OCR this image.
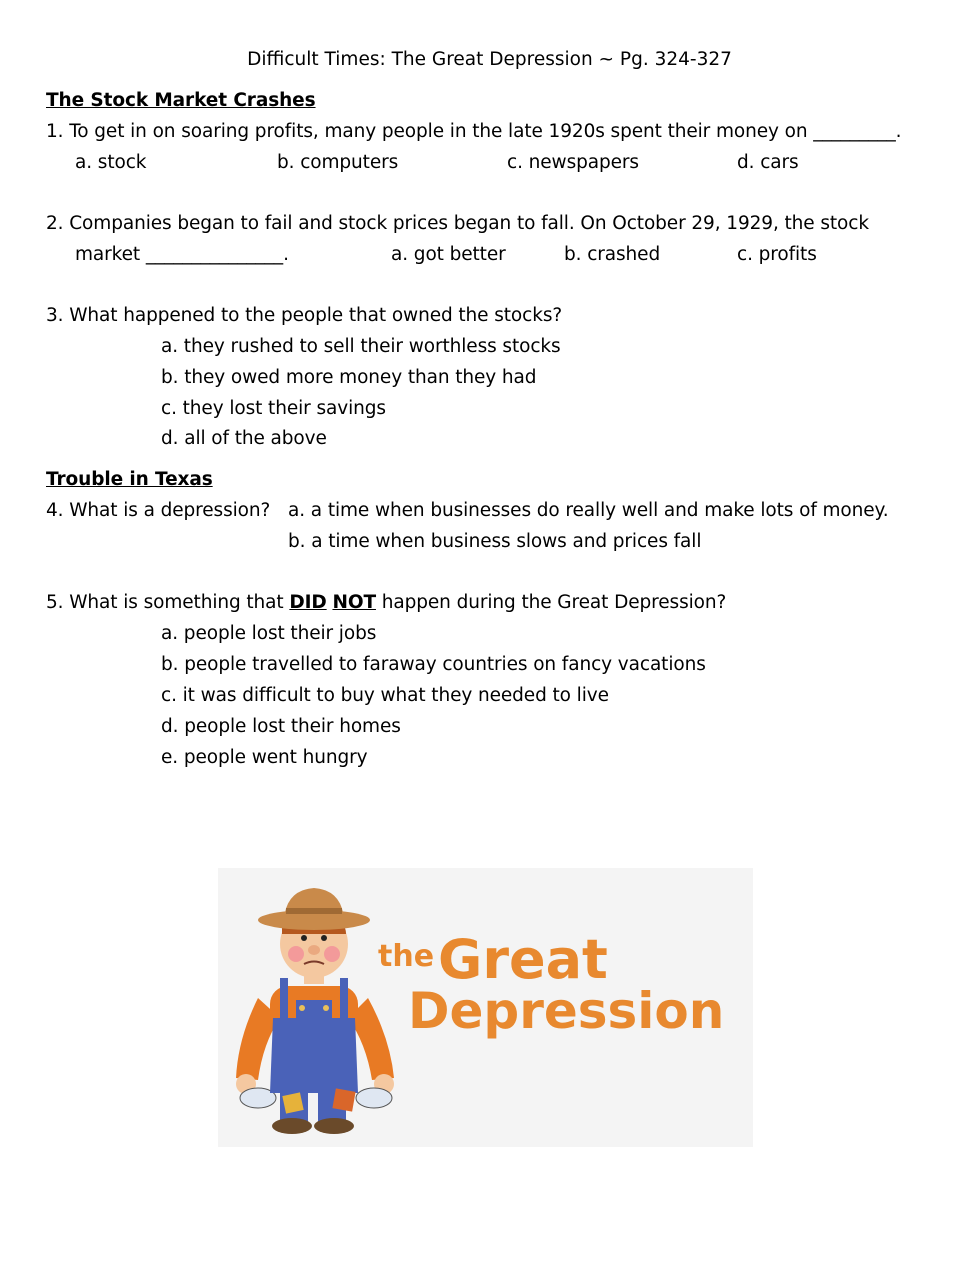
Difficult Times: The Great Depression ~ Pg. 324-327
The Stock Market Crashes
1. To get in on soaring profits, many people in the late 1920s spent their money on _________.
a. stock	b. computers	c. newspapers	d. cars
2. Companies began to fail and stock prices began to fall. On October 29, 1929, the stock
market _______________.	a. got better	b. crashed	c. profits
3. What happened to the people that owned the stocks?
a. they rushed to sell their worthless stocks
b. they owed more money than they had
c. they lost their savings
d. all of the above
Trouble in Texas
4. What is a depression? a. a time when businesses do really well and make lots of money.
b. a time when business slows and prices fall
5. What is something that DID NOT happen during the Great Depression?
a. people lost their jobs
b. people travelled to faraway countries on fancy vacations
c. it was difficult to buy what they needed to live
d. people lost their homes
e. people went hungry
the Great
Depression
